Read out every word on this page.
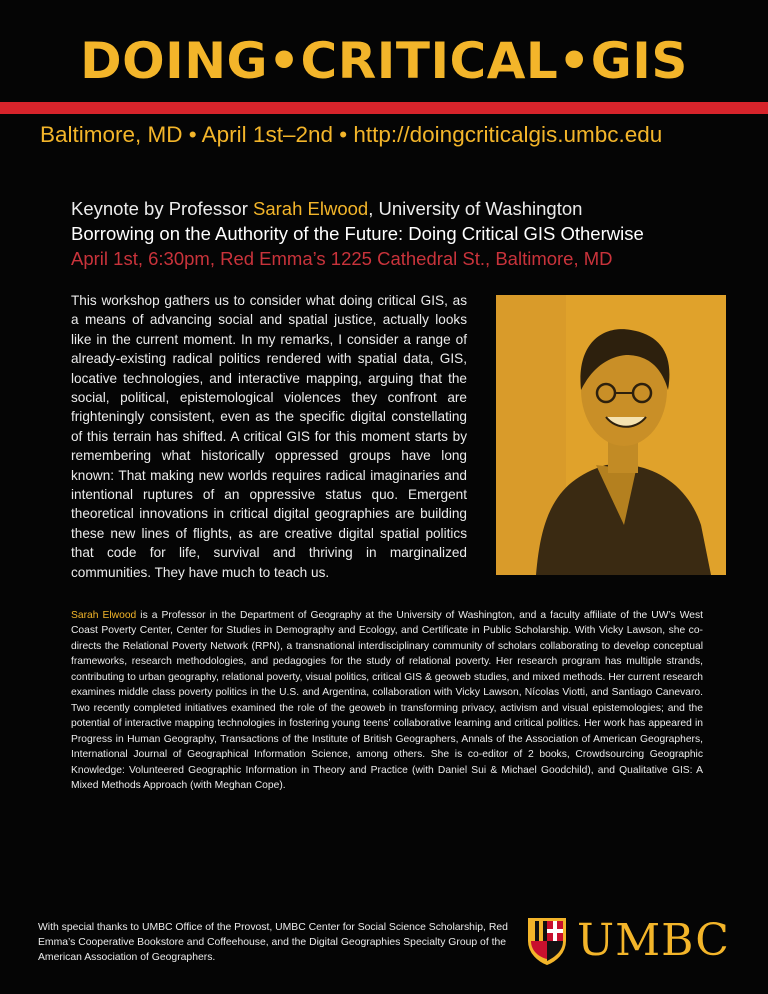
DOING•CRITICAL•GIS
Baltimore, MD • April 1st–2nd • http://doingcriticalgis.umbc.edu
Keynote by Professor Sarah Elwood, University of Washington
Borrowing on the Authority of the Future: Doing Critical GIS Otherwise
April 1st, 6:30pm, Red Emma’s 1225 Cathedral St., Baltimore, MD
This workshop gathers us to consider what doing critical GIS, as a means of advancing social and spatial justice, actually looks like in the current moment. In my remarks, I consider a range of already-existing radical politics rendered with spatial data, GIS, locative technologies, and interactive mapping, arguing that the social, political, epistemological violences they confront are frighteningly consistent, even as the specific digital constellating of this terrain has shifted. A critical GIS for this moment starts by remembering what historically oppressed groups have long known: That making new worlds requires radical imaginaries and intentional ruptures of an oppressive status quo. Emergent theoretical innovations in critical digital geographies are building these new lines of flights, as are creative digital spatial politics that code for life, survival and thriving in marginalized communities. They have much to teach us.
Sarah Elwood is a Professor in the Department of Geography at the University of Washington, and a faculty affiliate of the UW’s West Coast Poverty Center, Center for Studies in Demography and Ecology, and Certificate in Public Scholarship. With Vicky Lawson, she co-directs the Relational Poverty Network (RPN), a transnational interdisciplinary community of scholars collaborating to develop conceptual frameworks, research methodologies, and pedagogies for the study of relational poverty. Her research program has multiple strands, contributing to urban geography, relational poverty, visual politics, critical GIS & geoweb studies, and mixed methods. Her current research examines middle class poverty politics in the U.S. and Argentina, collaboration with Vicky Lawson, Nícolas Viotti, and Santiago Canevaro. Two recently completed initiatives examined the role of the geoweb in transforming privacy, activism and visual epistemologies; and the potential of interactive mapping technologies in fostering young teens’ collaborative learning and critical politics. Her work has appeared in Progress in Human Geography, Transactions of the Institute of British Geographers, Annals of the Association of American Geographers, International Journal of Geographical Information Science, among others. She is co-editor of 2 books, Crowdsourcing Geographic Knowledge: Volunteered Geographic Information in Theory and Practice (with Daniel Sui & Michael Goodchild), and Qualitative GIS: A Mixed Methods Approach (with Meghan Cope).
With special thanks to UMBC Office of the Provost, UMBC Center for Social Science Scholarship, Red Emma’s Cooperative Bookstore and Coffeehouse, and the Digital Geographies Specialty Group of the American Association of Geographers.	UMBC
